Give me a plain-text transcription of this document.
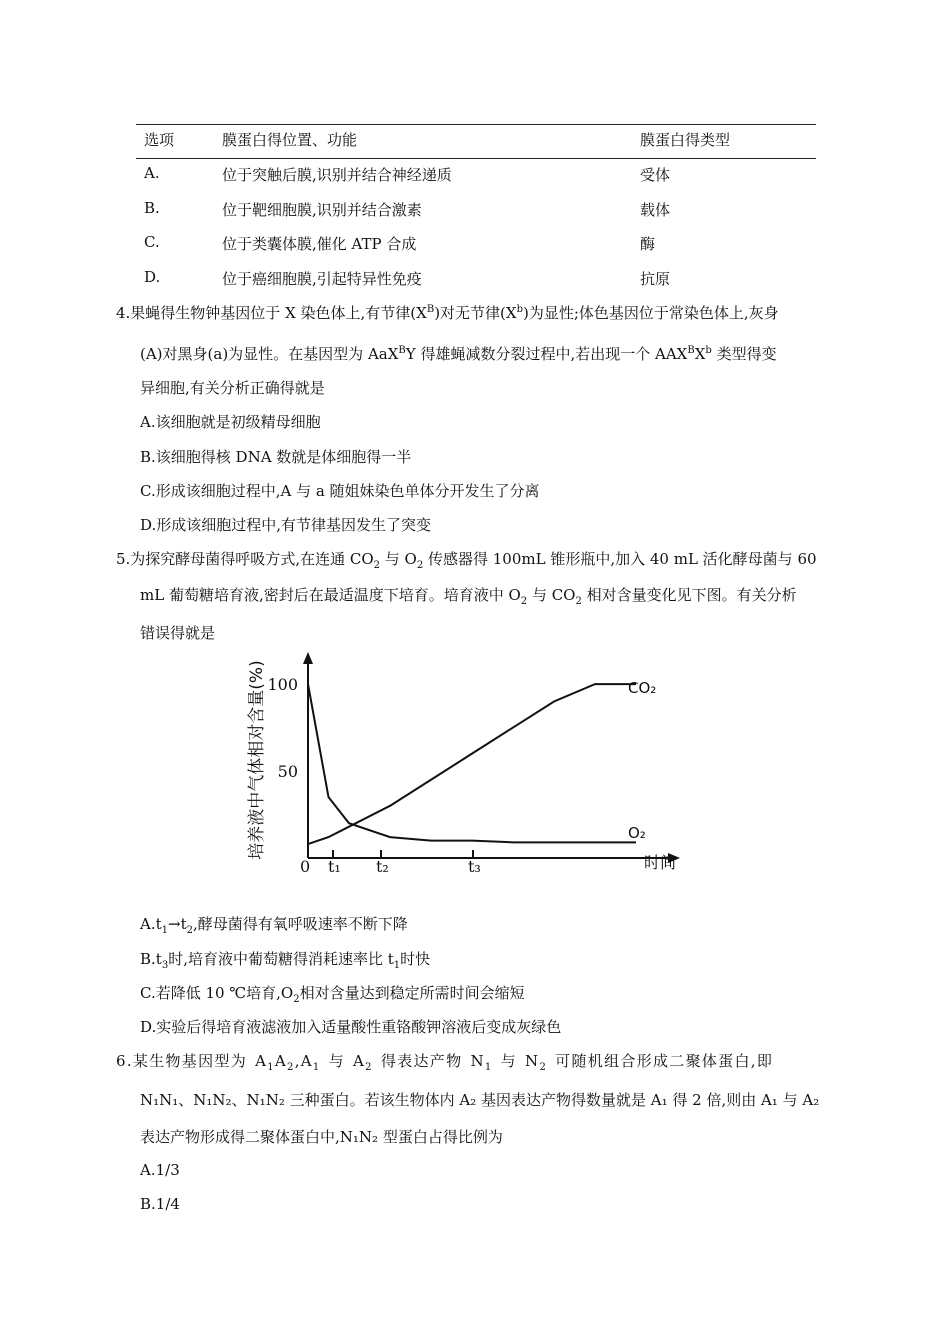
选项	膜蛋白得位置、功能	膜蛋白得类型
A.	位于突触后膜,识别并结合神经递质	受体
B.	位于靶细胞膜,识别并结合激素	载体
C.	位于类囊体膜,催化 ATP 合成	酶
D.	位于癌细胞膜,引起特异性免疫	抗原
4.果蝇得生物钟基因位于 X 染色体上,有节律$(X^B)$对无节律$(X^b)$为显性;体色基因位于常染色体上,灰身
(A)对黑身(a)为显性。在基因型为 AaX$^B$Y 得雄蝇减数分裂过程中,若出现一个 $AAX^BX^b$ 类型得变
异细胞,有关分析正确得就是
A.该细胞就是初级精母细胞
B.该细胞得核 DNA 数就是体细胞得一半
C.形成该细胞过程中,A 与 a 随姐妹染色单体分开发生了分离
D.形成该细胞过程中,有节律基因发生了突变
5.为探究酵母菌得呼吸方式,在连通 $CO_2$ 与 $O_2$ 传感器得 100mL 锥形瓶中,加入 40 mL 活化酵母菌与 60
mL 葡萄糖培育液,密封后在最适温度下培育。培育液中 $O_2$ 与 $CO_2$ 相对含量变化见下图。有关分析
错误得就是
培养液中气体相对含量(%) 100
50
0 t₁ t₂	t₃	时间
CO₂
O₂
$A.t_1\to t_2$,酵母菌得有氧呼吸速率不断下降
$B.t_3$时,培育液中葡萄糖得消耗速率比 $t_1$时快
C.若降低 10 ℃培育$,O_2$相对含量达到稳定所需时间会缩短
D.实验后得培育液滤液加入适量酸性重铬酸钾溶液后变成灰绿色
6.某生物基因型为 $A_1A_2,A_1$ 与 $A_2$ 得表达产物 $N_1$ 与 $N_2$ 可随机组合形成二聚体蛋白,即
N₁N₁、N₁N₂、N₁N₂ 三种蛋白。若该生物体内 A₂ 基因表达产物得数量就是 A₁ 得 2 倍,则由 A₁ 与 A₂
表达产物形成得二聚体蛋白中,N₁N₂ 型蛋白占得比例为
A.1/3
B.1/4
